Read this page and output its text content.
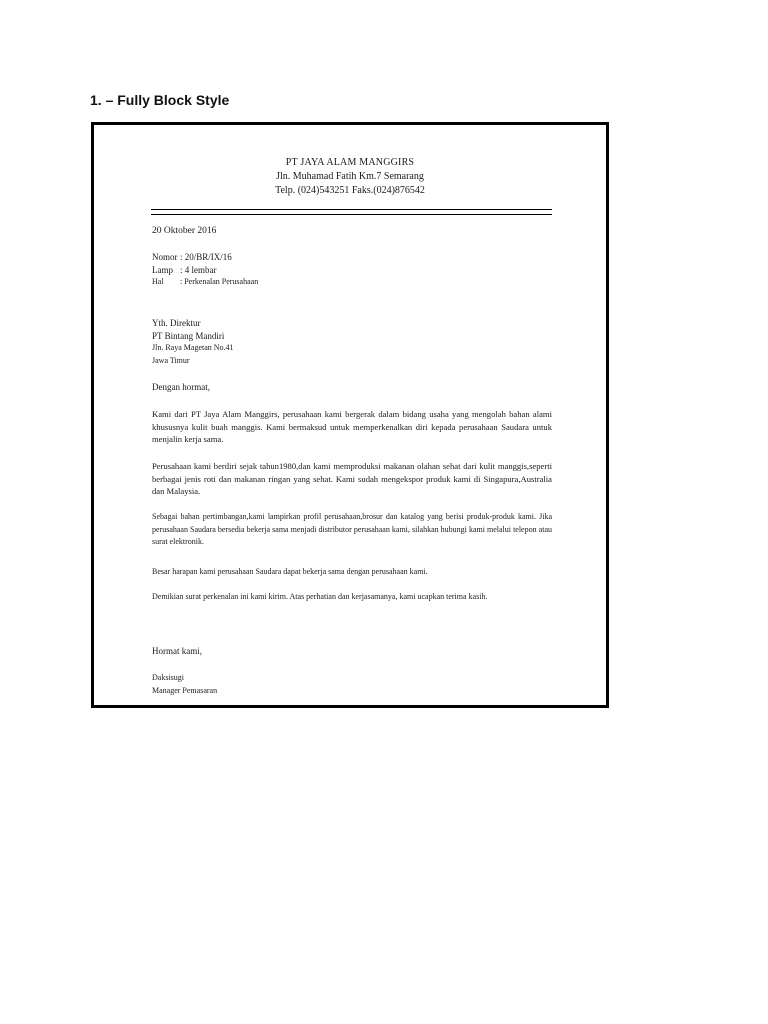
1. – Fully Block Style
PT JAYA ALAM MANGGIRS
Jln. Muhamad Fatih Km.7 Semarang
Telp. (024)543251 Faks.(024)876542
20 Oktober 2016
Nomor : 20/BR/IX/16
Lamp : 4 lembar
Hal : Perkenalan Perusahaan
Yth. Direktur
PT Bintang Mandiri
Jln. Raya Magetan No.41
Jawa Timur
Dengan hormat,
Kami dari PT Jaya Alam Manggirs, perusahaan kami bergerak dalam bidang usaha yang mengolah bahan alami khususnya kulit buah manggis. Kami bermaksud untuk memperkenalkan diri kepada perusahaan Saudara untuk menjalin kerja sama.
Perusahaan kami berdiri sejak tahun1980,dan kami memproduksi makanan olahan sehat dari kulit manggis,seperti berbagai jenis roti dan makanan ringan yang sehat. Kami sudah mengekspor produk kami di Singapura,Australia dan Malaysia.
Sebagai bahan pertimbangan,kami lampirkan profil perusahaan,brosur dan katalog yang berisi produk-produk kami. Jika perusahaan Saudara bersedia bekerja sama menjadi distributor perusahaan kami, silahkan hubungi kami melalui telepon atau surat elektronik.
Besar harapan kami perusahaan Saudara dapat bekerja sama dengan perusahaan kami.
Demikian surat perkenalan ini kami kirim. Atas perhatian dan kerjasamanya, kami ucapkan terima kasih.
Hormat kami,
Daksisugi
Manager Pemasaran
